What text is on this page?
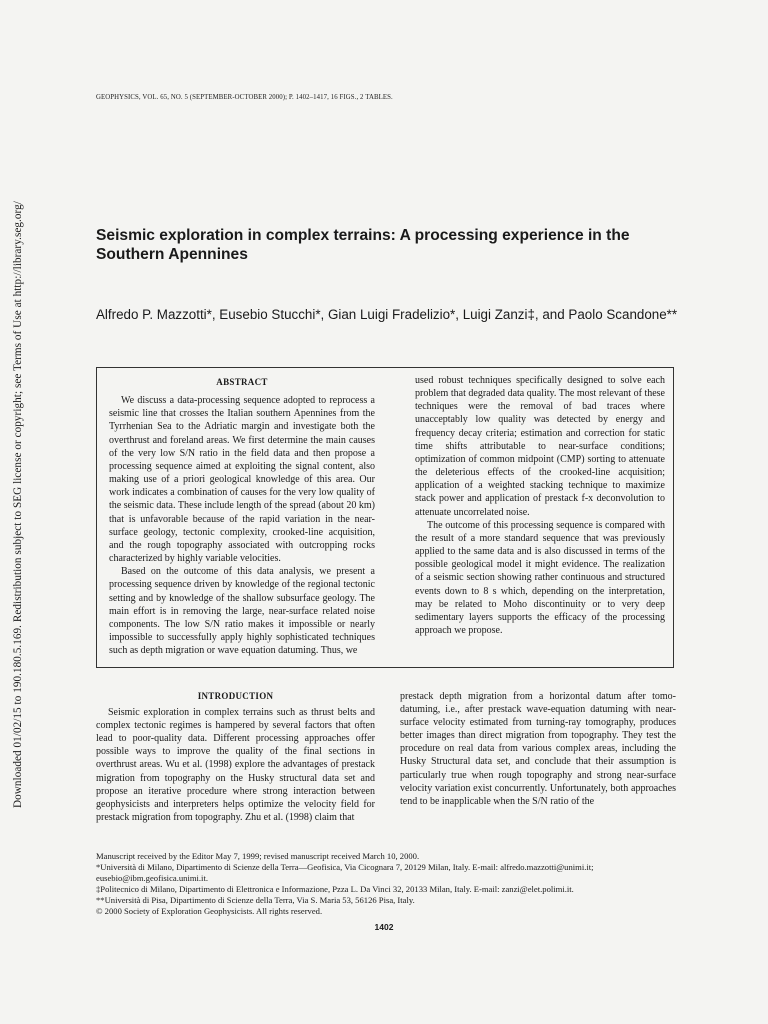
Downloaded 01/02/15 to 190.180.5.169. Redistribution subject to SEG license or copyright; see Terms of Use at http://library.seg.org/
GEOPHYSICS, VOL. 65, NO. 5 (SEPTEMBER-OCTOBER 2000); P. 1402–1417, 16 FIGS., 2 TABLES.
Seismic exploration in complex terrains: A processing experience in the Southern Apennines
Alfredo P. Mazzotti*, Eusebio Stucchi*, Gian Luigi Fradelizio*, Luigi Zanzi‡, and Paolo Scandone**
ABSTRACT

We discuss a data-processing sequence adopted to reprocess a seismic line that crosses the Italian southern Apennines from the Tyrrhenian Sea to the Adriatic margin and investigate both the overthrust and foreland areas. We first determine the main causes of the very low S/N ratio in the field data and then propose a processing sequence aimed at exploiting the signal content, also making use of a priori geological knowledge of this area. Our work indicates a combination of causes for the very low quality of the seismic data. These include length of the spread (about 20 km) that is unfavorable because of the rapid variation in the near-surface geology, tectonic complexity, crooked-line acquisition, and the rough topography associated with outcropping rocks characterized by highly variable velocities.

Based on the outcome of this data analysis, we present a processing sequence driven by knowledge of the regional tectonic setting and by knowledge of the shallow subsurface geology. The main effort is in removing the large, near-surface related noise components. The low S/N ratio makes it impossible or nearly impossible to successfully apply highly sophisticated techniques such as depth migration or wave equation datuming. Thus, we

used robust techniques specifically designed to solve each problem that degraded data quality. The most relevant of these techniques were the removal of bad traces where unacceptably low quality was detected by energy and frequency decay criteria; estimation and correction for static time shifts attributable to near-surface conditions; optimization of common midpoint (CMP) sorting to attenuate the deleterious effects of the crooked-line acquisition; application of a weighted stacking technique to maximize stack power and application of prestack f-x deconvolution to attenuate uncorrelated noise.

The outcome of this processing sequence is compared with the result of a more standard sequence that was previously applied to the same data and is also discussed in terms of the possible geological model it might evidence. The realization of a seismic section showing rather continuous and structured events down to 8 s which, depending on the interpretation, may be related to Moho discontinuity or to very deep sedimentary layers supports the efficacy of the processing approach we propose.

INTRODUCTION

Seismic exploration in complex terrains such as thrust belts and complex tectonic regimes is hampered by several factors that often lead to poor-quality data. Different processing approaches offer possible ways to improve the quality of the final sections in overthrust areas. Wu et al. (1998) explore the advantages of prestack migration from topography on the Husky structural data set and propose an iterative procedure where strong interaction between geophysicists and interpreters helps optimize the velocity field for prestack migration from topography. Zhu et al. (1998) claim that

prestack depth migration from a horizontal datum after tomo-datuming, i.e., after prestack wave-equation datuming with near-surface velocity estimated from turning-ray tomography, produces better images than direct migration from topography. They test the procedure on real data from various complex areas, including the Husky Structural data set, and conclude that their assumption is particularly true when rough topography and strong near-surface velocity variation exist concurrently. Unfortunately, both approaches tend to be inapplicable when the S/N ratio of the

Manuscript received by the Editor May 7, 1999; revised manuscript received March 10, 2000.
*Università di Milano, Dipartimento di Scienze della Terra—Geofisica, Via Cicognara 7, 20129 Milan, Italy. E-mail: alfredo.mazzotti@unimi.it;
eusebio@ibm.geofisica.unimi.it.
‡Politecnico di Milano, Dipartimento di Elettronica e Informazione, Pzza L. Da Vinci 32, 20133 Milan, Italy. E-mail: zanzi@elet.polimi.it.
**Università di Pisa, Dipartimento di Scienze della Terra, Via S. Maria 53, 56126 Pisa, Italy.
© 2000 Society of Exploration Geophysicists. All rights reserved.
1402
